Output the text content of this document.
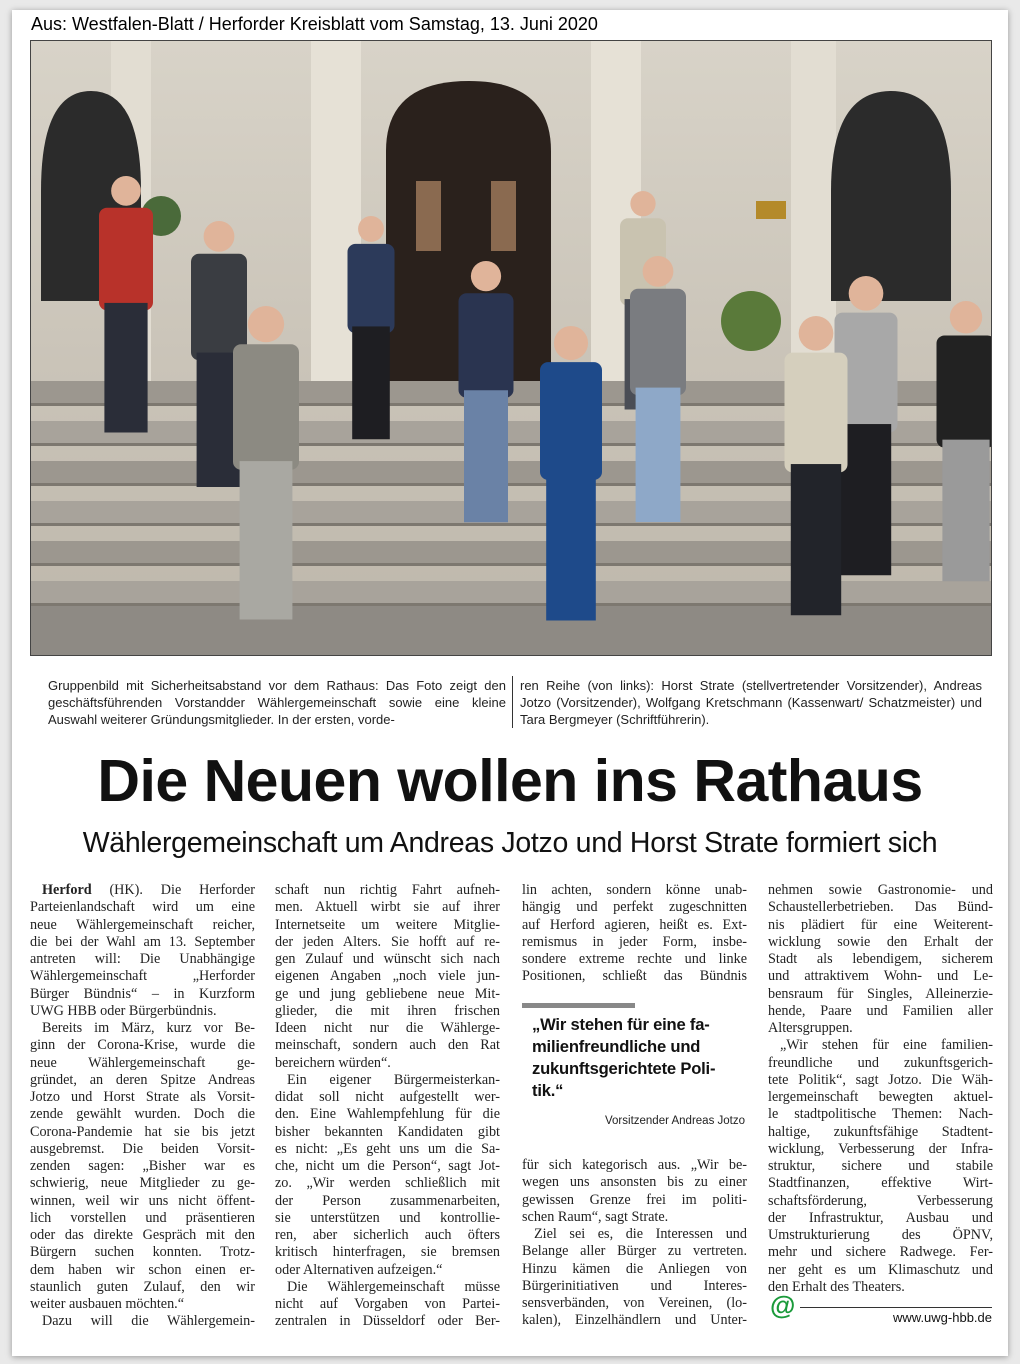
Aus: Westfalen-Blatt / Herforder Kreisblatt vom Samstag, 13. Juni 2020
Gruppenbild mit Sicherheitsabstand vor dem Rathaus: Das Foto zeigt den geschäftsführenden Vorstandder Wählergemeinschaft sowie eine kleine Auswahl weiterer Gründungsmitglieder. In der ersten, vorde-
ren Reihe (von links): Horst Strate (stellvertretender Vorsitzender), Andreas Jotzo (Vorsitzender), Wolfgang Kretschmann (Kassenwart/ Schatzmeister) und Tara Bergmeyer (Schriftführerin).
Die Neuen wollen ins Rathaus
Wählergemeinschaft um Andreas Jotzo und Horst Strate formiert sich
Herford (HK). Die Herforder
Parteienlandschaft wird um eine
neue Wählergemeinschaft reicher,
die bei der Wahl am 13. September
antreten will: Die Unabhängige
Wählergemeinschaft „Herforder
Bürger Bündnis“ – in Kurzform
UWG HBB oder Bürgerbündnis.
Bereits im März, kurz vor Be-
ginn der Corona-Krise, wurde die
neue Wählergemeinschaft ge-
gründet, an deren Spitze Andreas
Jotzo und Horst Strate als Vorsit-
zende gewählt wurden. Doch die
Corona-Pandemie hat sie bis jetzt
ausgebremst. Die beiden Vorsit-
zenden sagen: „Bisher war es
schwierig, neue Mitglieder zu ge-
winnen, weil wir uns nicht öffent-
lich vorstellen und präsentieren
oder das direkte Gespräch mit den
Bürgern suchen konnten. Trotz-
dem haben wir schon einen er-
staunlich guten Zulauf, den wir
weiter ausbauen möchten.“
Dazu will die Wählergemein-
schaft nun richtig Fahrt aufneh-
men. Aktuell wirbt sie auf ihrer
Internetseite um weitere Mitglie-
der jeden Alters. Sie hofft auf re-
gen Zulauf und wünscht sich nach
eigenen Angaben „noch viele jun-
ge und jung gebliebene neue Mit-
glieder, die mit ihren frischen
Ideen nicht nur die Wählerge-
meinschaft, sondern auch den Rat
bereichern würden“.
Ein eigener Bürgermeisterkan-
didat soll nicht aufgestellt wer-
den. Eine Wahlempfehlung für die
bisher bekannten Kandidaten gibt
es nicht: „Es geht uns um die Sa-
che, nicht um die Person“, sagt Jot-
zo. „Wir werden schließlich mit
der Person zusammenarbeiten,
sie unterstützen und kontrollie-
ren, aber sicherlich auch öfters
kritisch hinterfragen, sie bremsen
oder Alternativen aufzeigen.“
Die Wählergemeinschaft müsse
nicht auf Vorgaben von Partei-
zentralen in Düsseldorf oder Ber-
lin achten, sondern könne unab-
hängig und perfekt zugeschnitten
auf Herford agieren, heißt es. Ext-
remismus in jeder Form, insbe-
sondere extreme rechte und linke
Positionen, schließt das Bündnis
für sich kategorisch aus. „Wir be-
wegen uns ansonsten bis zu einer
gewissen Grenze frei im politi-
schen Raum“, sagt Strate.
Ziel sei es, die Interessen und
Belange aller Bürger zu vertreten.
Hinzu kämen die Anliegen von
Bürgerinitiativen und Interes-
sensverbänden, von Vereinen, (lo-
kalen), Einzelhändlern und Unter-
nehmen sowie Gastronomie- und
Schaustellerbetrieben. Das Bünd-
nis plädiert für eine Weiterent-
wicklung sowie den Erhalt der
Stadt als lebendigem, sicherem
und attraktivem Wohn- und Le-
bensraum für Singles, Alleinerzie-
hende, Paare und Familien aller
Altersgruppen.
„Wir stehen für eine familien-
freundliche und zukunftsgerich-
tete Politik“, sagt Jotzo. Die Wäh-
lergemeinschaft bewegten aktuel-
le stadtpolitische Themen: Nach-
haltige, zukunftsfähige Stadtent-
wicklung, Verbesserung der Infra-
struktur, sichere und stabile
Stadtfinanzen, effektive Wirt-
schaftsförderung, Verbesserung
der Infrastruktur, Ausbau und
Umstrukturierung des ÖPNV,
mehr und sichere Radwege. Fer-
ner geht es um Klimaschutz und
den Erhalt des Theaters.
„Wir stehen für eine fa-
milienfreundliche und
zukunftsgerichtete Poli-
tik.“
Vorsitzender Andreas Jotzo
@	www.uwg-hbb.de
